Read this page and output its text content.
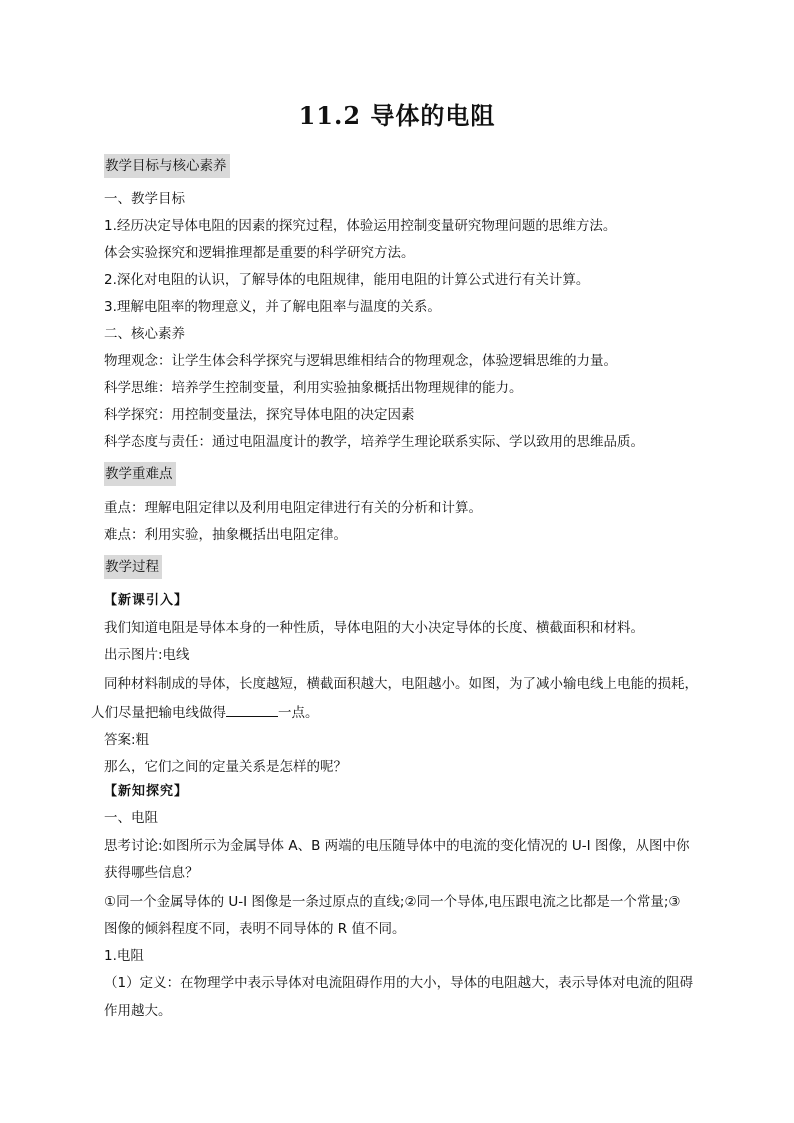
11.2 导体的电阻
教学目标与核心素养
一、教学目标
1.经历决定导体电阻的因素的探究过程，体验运用控制变量研究物理问题的思维方法。
体会实验探究和逻辑推理都是重要的科学研究方法。
2.深化对电阻的认识，了解导体的电阻规律，能用电阻的计算公式进行有关计算。
3.理解电阻率的物理意义，并了解电阻率与温度的关系。
二、核心素养
物理观念：让学生体会科学探究与逻辑思维相结合的物理观念，体验逻辑思维的力量。
科学思维：培养学生控制变量，利用实验抽象概括出物理规律的能力。
科学探究：用控制变量法，探究导体电阻的决定因素
科学态度与责任：通过电阻温度计的教学，培养学生理论联系实际、学以致用的思维品质。
教学重难点
重点：理解电阻定律以及利用电阻定律进行有关的分析和计算。
难点：利用实验，抽象概括出电阻定律。
教学过程
【新课引入】
我们知道电阻是导体本身的一种性质，导体电阻的大小决定导体的长度、横截面积和材料。
出示图片:电线
同种材料制成的导体，长度越短，横截面积越大，电阻越小。如图，为了减小输电线上电能的损耗，
人们尽量把输电线做得	一点。
答案:粗
那么，它们之间的定量关系是怎样的呢？
【新知探究】
一、电阻
思考讨论:如图所示为金属导体 A、B 两端的电压随导体中的电流的变化情况的 U-I 图像，从图中你
获得哪些信息？
①同一个金属导体的 U-I 图像是一条过原点的直线;②同一个导体,电压跟电流之比都是一个常量;③
图像的倾斜程度不同，表明不同导体的 R 值不同。
1.电阻
（1）定义：在物理学中表示导体对电流阻碍作用的大小，导体的电阻越大，表示导体对电流的阻碍
作用越大。
